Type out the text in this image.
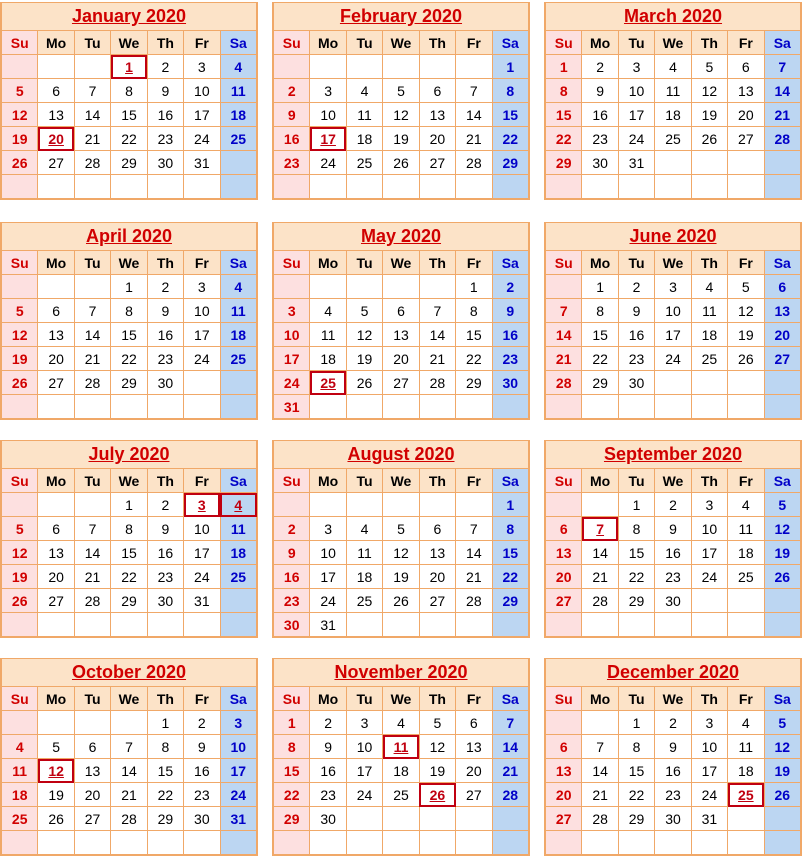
January 2020						
Su	Mo	Tu	We	Th	Fr	Sa
			1	2	3	4
5	6	7	8	9	10	11
12	13	14	15	16	17	18
19	20	21	22	23	24	25
26	27	28	29	30	31	

February 2020						
Su	Mo	Tu	We	Th	Fr	Sa
						1
2	3	4	5	6	7	8
9	10	11	12	13	14	15
16	17	18	19	20	21	22
23	24	25	26	27	28	29

March 2020						
Su	Mo	Tu	We	Th	Fr	Sa
1	2	3	4	5	6	7
8	9	10	11	12	13	14
15	16	17	18	19	20	21
22	23	24	25	26	27	28
29	30	31				

April 2020						
Su	Mo	Tu	We	Th	Fr	Sa
			1	2	3	4
5	6	7	8	9	10	11
12	13	14	15	16	17	18
19	20	21	22	23	24	25
26	27	28	29	30		

May 2020						
Su	Mo	Tu	We	Th	Fr	Sa
					1	2
3	4	5	6	7	8	9
10	11	12	13	14	15	16
17	18	19	20	21	22	23
24	25	26	27	28	29	30
31						
June 2020						
Su	Mo	Tu	We	Th	Fr	Sa
	1	2	3	4	5	6
7	8	9	10	11	12	13
14	15	16	17	18	19	20
21	22	23	24	25	26	27
28	29	30				

July 2020						
Su	Mo	Tu	We	Th	Fr	Sa
			1	2	3	4
5	6	7	8	9	10	11
12	13	14	15	16	17	18
19	20	21	22	23	24	25
26	27	28	29	30	31	

August 2020						
Su	Mo	Tu	We	Th	Fr	Sa
						1
2	3	4	5	6	7	8
9	10	11	12	13	14	15
16	17	18	19	20	21	22
23	24	25	26	27	28	29
30	31					
September 2020						
Su	Mo	Tu	We	Th	Fr	Sa
		1	2	3	4	5
6	7	8	9	10	11	12
13	14	15	16	17	18	19
20	21	22	23	24	25	26
27	28	29	30			

October 2020						
Su	Mo	Tu	We	Th	Fr	Sa
				1	2	3
4	5	6	7	8	9	10
11	12	13	14	15	16	17
18	19	20	21	22	23	24
25	26	27	28	29	30	31

November 2020						
Su	Mo	Tu	We	Th	Fr	Sa
1	2	3	4	5	6	7
8	9	10	11	12	13	14
15	16	17	18	19	20	21
22	23	24	25	26	27	28
29	30					

December 2020						
Su	Mo	Tu	We	Th	Fr	Sa
		1	2	3	4	5
6	7	8	9	10	11	12
13	14	15	16	17	18	19
20	21	22	23	24	25	26
27	28	29	30	31		
